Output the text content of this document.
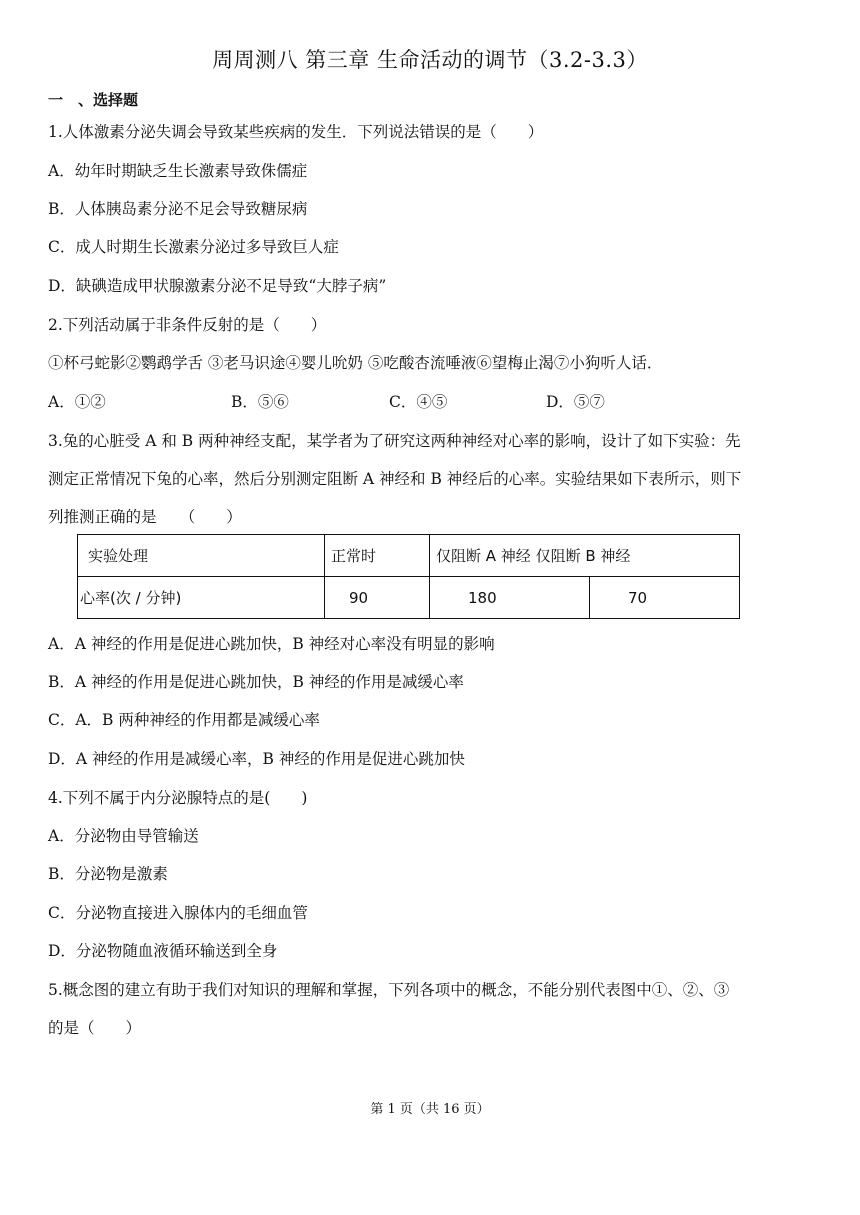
周周测八 第三章 生命活动的调节（3.2-3.3）
一　、选择题
1.人体激素分泌失调会导致某些疾病的发生．下列说法错误的是（　　）
A．幼年时期缺乏生长激素导致侏儒症
B．人体胰岛素分泌不足会导致糖尿病
C．成人时期生长激素分泌过多导致巨人症
D．缺碘造成甲状腺激素分泌不足导致“大脖子病”
2.下列活动属于非条件反射的是（　　）
①杯弓蛇影②鹦鹉学舌 ③老马识途④婴儿吮奶 ⑤吃酸杏流唾液⑥望梅止渴⑦小狗听人话．
A．①②	B．⑤⑥	C．④⑤	D．⑤⑦
3.兔的心脏受 A 和 B 两种神经支配，某学者为了研究这两种神经对心率的影响，设计了如下实验：先
测定正常情况下兔的心率，然后分别测定阻断 A 神经和 B 神经后的心率。实验结果如下表所示，则下
列推测正确的是　　（　　）
实验处理	正常时	仅阻断 A 神经 仅阻断 B 神经	
心率(次 / 分钟)	90	180	70
A．A 神经的作用是促进心跳加快，B 神经对心率没有明显的影响
B．A 神经的作用是促进心跳加快，B 神经的作用是减缓心率
C．A．B 两种神经的作用都是减缓心率
D．A 神经的作用是减缓心率，B 神经的作用是促进心跳加快
4.下列不属于内分泌腺特点的是(　　)
A．分泌物由导管输送
B．分泌物是激素
C．分泌物直接进入腺体内的毛细血管
D．分泌物随血液循环输送到全身
5.概念图的建立有助于我们对知识的理解和掌握，下列各项中的概念，不能分别代表图中①、②、③
的是（　　）
第 1 页（共 16 页）
